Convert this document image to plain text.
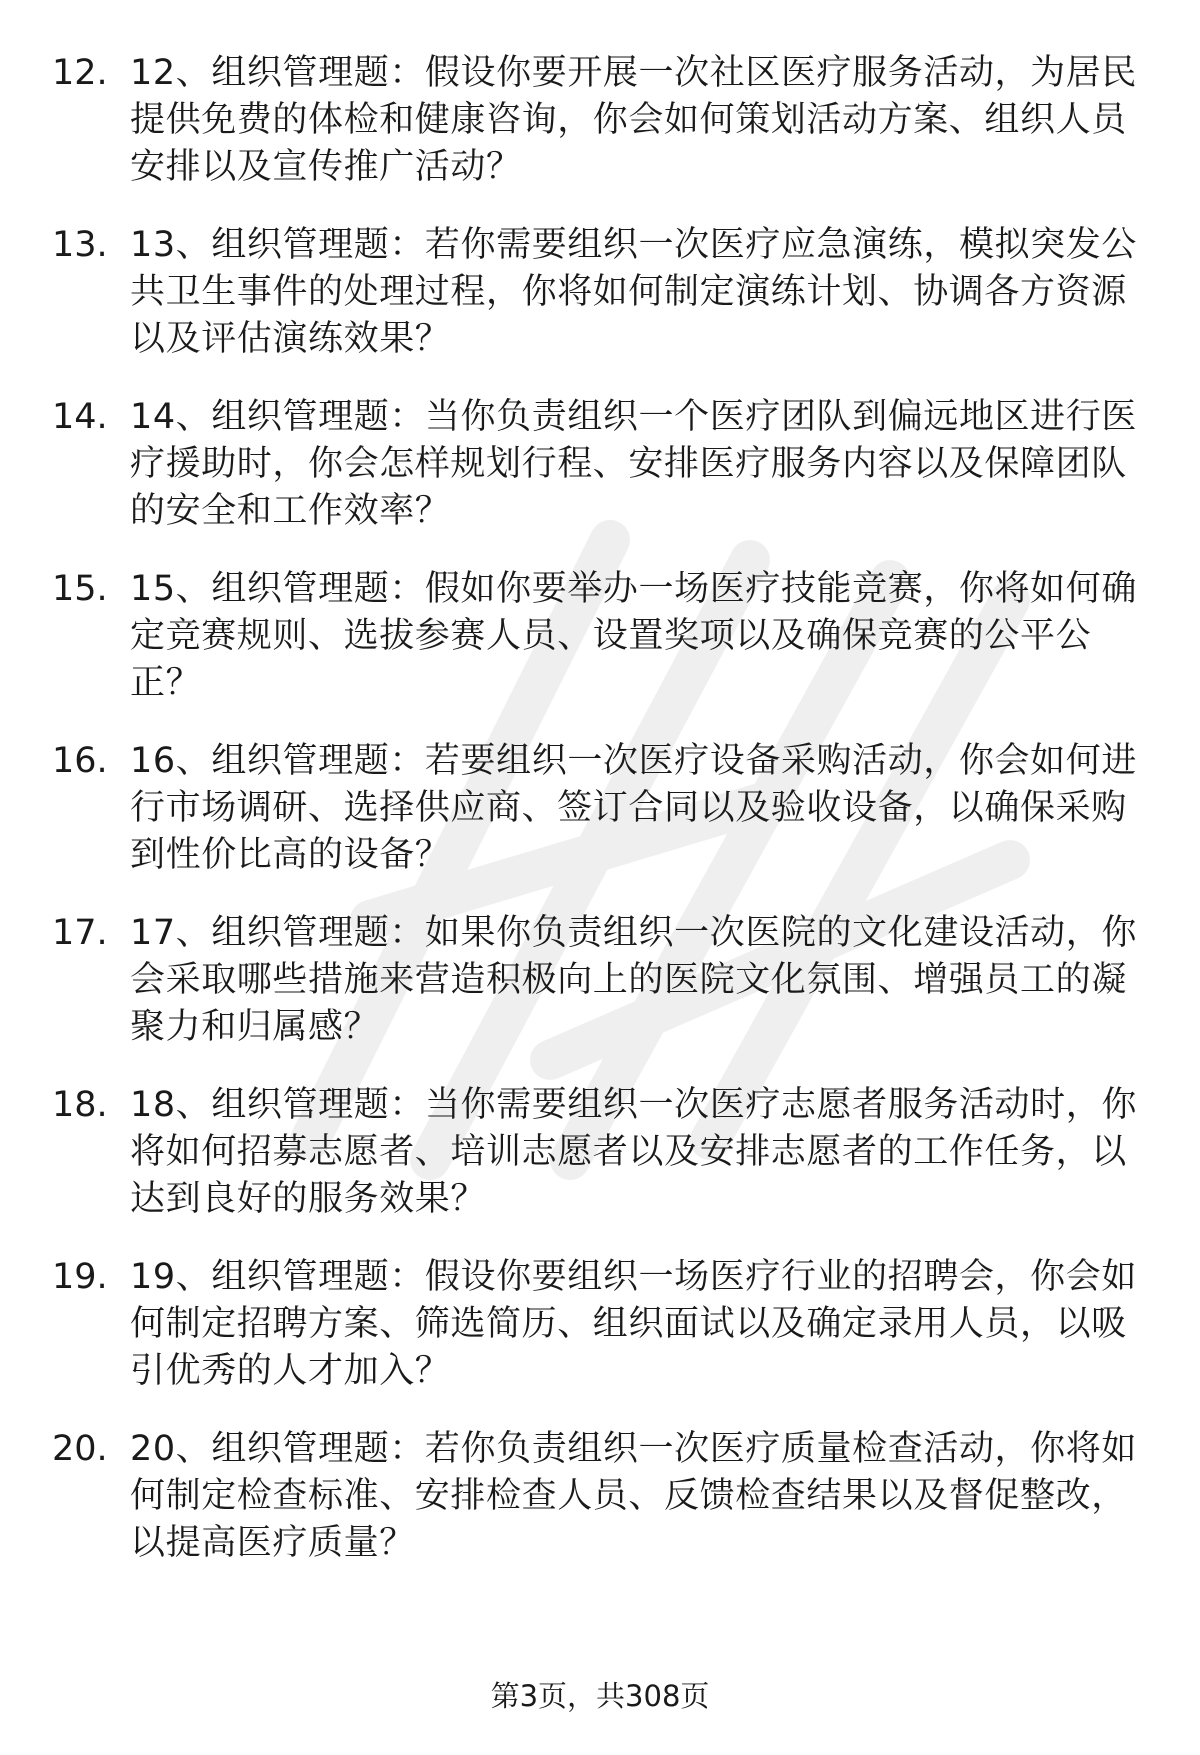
12. 12、组织管理题：假设你要开展一次社区医疗服务活动，为居民提供免费的体检和健康咨询，你会如何策划活动方案、组织人员安排以及宣传推广活动？
13. 13、组织管理题：若你需要组织一次医疗应急演练，模拟突发公共卫生事件的处理过程，你将如何制定演练计划、协调各方资源以及评估演练效果？
14. 14、组织管理题：当你负责组织一个医疗团队到偏远地区进行医疗援助时，你会怎样规划行程、安排医疗服务内容以及保障团队的安全和工作效率？
15. 15、组织管理题：假如你要举办一场医疗技能竞赛，你将如何确定竞赛规则、选拔参赛人员、设置奖项以及确保竞赛的公平公正？
16. 16、组织管理题：若要组织一次医疗设备采购活动，你会如何进行市场调研、选择供应商、签订合同以及验收设备，以确保采购到性价比高的设备？
17. 17、组织管理题：如果你负责组织一次医院的文化建设活动，你会采取哪些措施来营造积极向上的医院文化氛围、增强员工的凝聚力和归属感？
18. 18、组织管理题：当你需要组织一次医疗志愿者服务活动时，你将如何招募志愿者、培训志愿者以及安排志愿者的工作任务，以达到良好的服务效果？
19. 19、组织管理题：假设你要组织一场医疗行业的招聘会，你会如何制定招聘方案、筛选简历、组织面试以及确定录用人员，以吸引优秀的人才加入？
20. 20、组织管理题：若你负责组织一次医疗质量检查活动，你将如何制定检查标准、安排检查人员、反馈检查结果以及督促整改，以提高医疗质量？
第3页，共308页
